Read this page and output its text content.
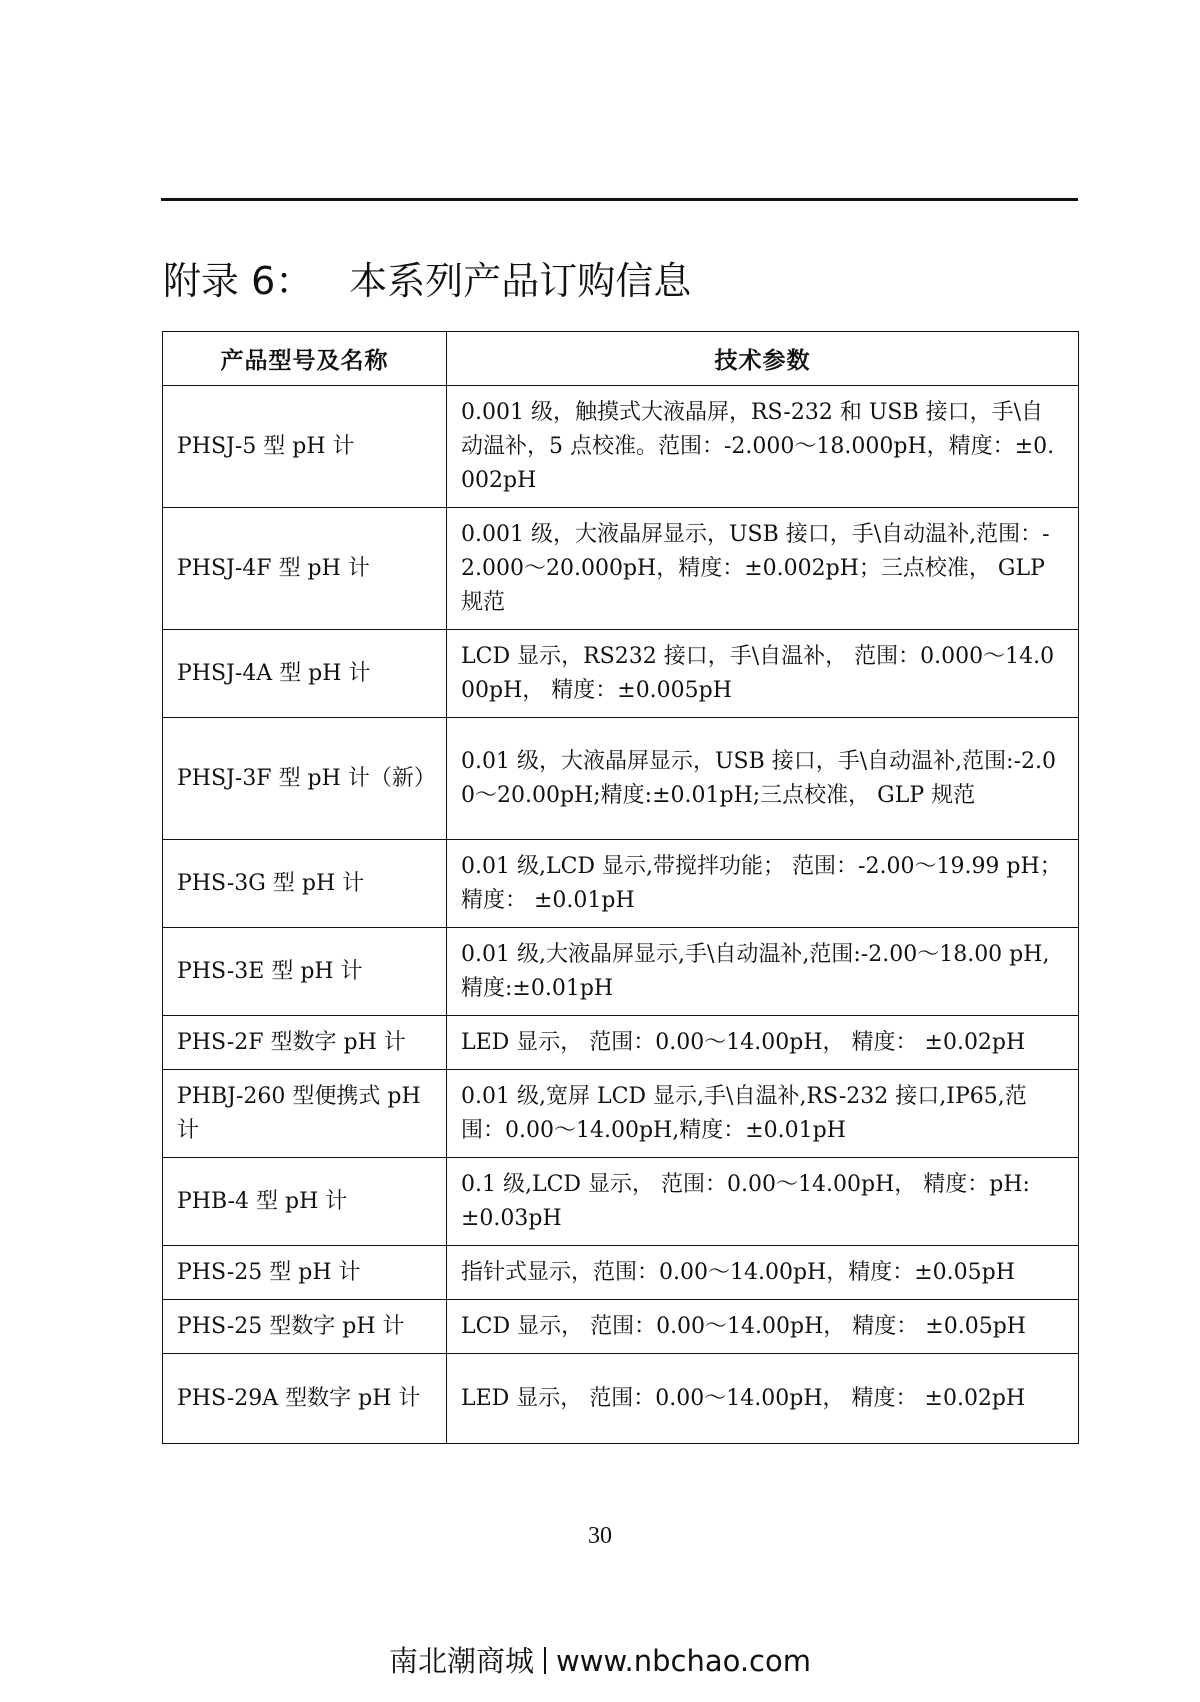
附录 6： 本系列产品订购信息
产品型号及名称	技术参数
PHSJ-5 型 pH 计	0.001 级，触摸式大液晶屏，RS-232 和 USB 接口，手\自动温补，5 点校准。范围：-2.000～18.000pH，精度：±0.002pH
PHSJ-4F 型 pH 计	0.001 级，大液晶屏显示，USB 接口，手\自动温补,范围：-2.000～20.000pH，精度：±0.002pH；三点校准， GLP 规范
PHSJ-4A 型 pH 计	LCD 显示，RS232 接口，手\自温补， 范围：0.000～14.000pH， 精度：±0.005pH
PHSJ-3F 型 pH 计（新）	0.01 级，大液晶屏显示，USB 接口，手\自动温补,范围:-2.00～20.00pH;精度:±0.01pH;三点校准， GLP 规范
PHS-3G 型 pH 计	0.01 级,LCD 显示,带搅拌功能； 范围：-2.00～19.99 pH； 精度： ±0.01pH
PHS-3E 型 pH 计	0.01 级,大液晶屏显示,手\自动温补,范围:-2.00～18.00 pH,精度:±0.01pH
PHS-2F 型数字 pH 计	LED 显示， 范围：0.00～14.00pH， 精度： ±0.02pH
PHBJ-260 型便携式 pH 计	0.01 级,宽屏 LCD 显示,手\自温补,RS-232 接口,IP65,范围：0.00～14.00pH,精度：±0.01pH
PHB-4 型 pH 计	0.1 级,LCD 显示， 范围：0.00～14.00pH， 精度：pH:±0.03pH
PHS-25 型 pH 计	指针式显示，范围：0.00～14.00pH，精度：±0.05pH
PHS-25 型数字 pH 计	LCD 显示， 范围：0.00～14.00pH， 精度： ±0.05pH
PHS-29A 型数字 pH 计	LED 显示， 范围：0.00～14.00pH， 精度： ±0.02pH
30
南北潮商城 www.nbchao.com
